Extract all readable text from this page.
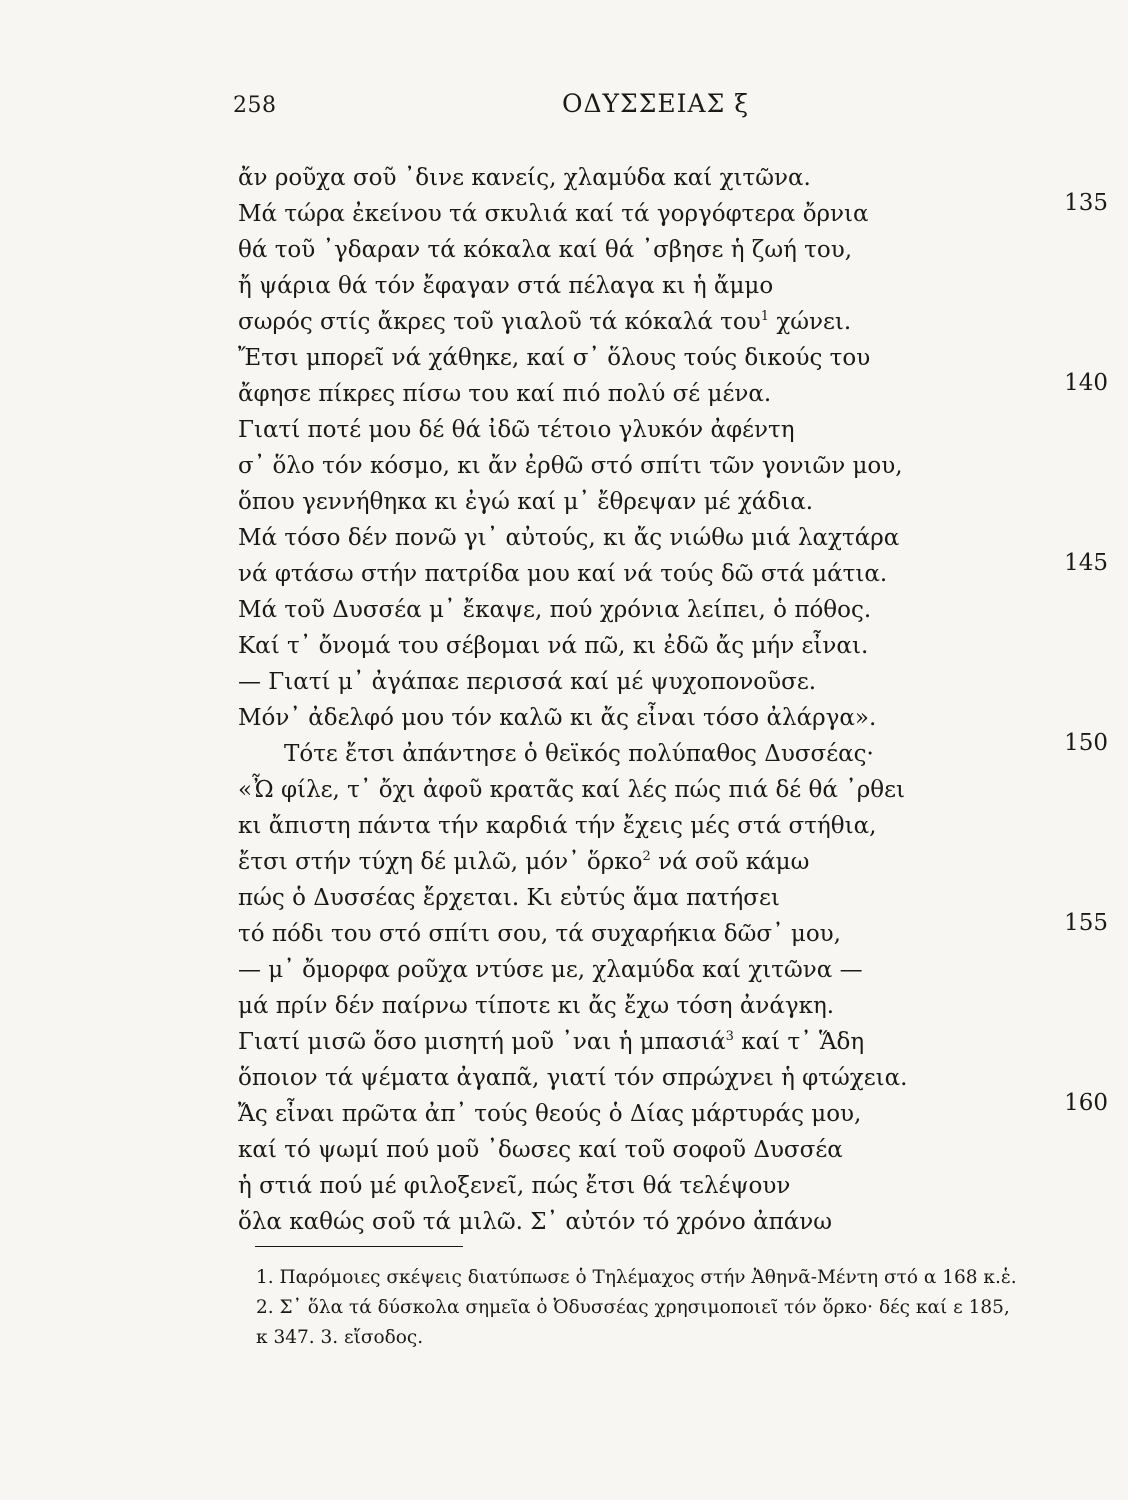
258	ΟΔΥΣΣΕΙΑΣ ξ
ἄν ροῦχα σοῦ ᾽δινε κανείς, χλαμύδα καί χιτῶνα.
Μά τώρα ἐκείνου τά σκυλιά καί τά γοργόφτερα ὄρνια	135
θά τοῦ ᾽γδαραν τά κόκαλα καί θά ᾽σβησε ἡ ζωή του,
ἤ ψάρια θά τόν ἔφαγαν στά πέλαγα κι ἡ ἄμμο
σωρός στίς ἄκρες τοῦ γιαλοῦ τά κόκαλά του$^1$ χώνει.
Ἔτσι μπορεῖ νά χάθηκε, καί σ᾽ ὅλους τούς δικούς του
ἄφησε πίκρες πίσω του καί πιό πολύ σέ μένα.	140
Γιατί ποτέ μου δέ θά ἰδῶ τέτοιο γλυκόν ἀφέντη
σ᾽ ὅλο τόν κόσμο, κι ἄν ἐρθῶ στό σπίτι τῶν γονιῶν μου,
ὅπου γεννήθηκα κι ἐγώ καί μ᾽ ἔθρεψαν μέ χάδια.
Μά τόσο δέν πονῶ γι᾽ αὐτούς, κι ἄς νιώθω μιά λαχτάρα
νά φτάσω στήν πατρίδα μου καί νά τούς δῶ στά μάτια.	145
Μά τοῦ Δυσσέα μ᾽ ἔκαψε, πού χρόνια λείπει, ὁ πόθος.
Καί τ᾽ ὄνομά του σέβομαι νά πῶ, κι ἐδῶ ἄς μήν εἶναι.
— Γιατί μ᾽ ἀγάπαε περισσά καί μέ ψυχοπονοῦσε.
Μόν᾽ ἀδελφό μου τόν καλῶ κι ἄς εἶναι τόσο ἀλάργα».
Τότε ἔτσι ἀπάντησε ὁ θεϊκός πολύπαθος Δυσσέας·	150
«Ὦ φίλε, τ᾽ ὄχι ἀφοῦ κρατᾶς καί λές πώς πιά δέ θά ᾽ρθει
κι ἄπιστη πάντα τήν καρδιά τήν ἔχεις μές στά στήθια,
ἔτσι στήν τύχη δέ μιλῶ, μόν᾽ ὅρκο$^2$ νά σοῦ κάμω
πώς ὁ Δυσσέας ἔρχεται. Κι εὐτύς ἅμα πατήσει
τό πόδι του στό σπίτι σου, τά συχαρήκια δῶσ᾽ μου,	155
— μ᾽ ὄμορφα ροῦχα ντύσε με, χλαμύδα καί χιτῶνα —
μά πρίν δέν παίρνω τίποτε κι ἄς ἔχω τόση ἀνάγκη.
Γιατί μισῶ ὅσο μισητή μοῦ ᾽ναι ἡ μπασιά$^3$ καί τ᾽ Ἅδη
ὅποιον τά ψέματα ἀγαπᾶ, γιατί τόν σπρώχνει ἡ φτώχεια.
Ἄς εἶναι πρῶτα ἀπ᾽ τούς θεούς ὁ Δίας μάρτυράς μου,	160
καί τό ψωμί πού μοῦ ᾽δωσες καί τοῦ σοφοῦ Δυσσέα
ἡ στιά πού μέ φιλοξενεῖ, πώς ἔτσι θά τελέψουν
ὅλα καθώς σοῦ τά μιλῶ. Σ᾽ αὐτόν τό χρόνο ἀπάνω
1. Παρόμοιες σκέψεις διατύπωσε ὁ Τηλέμαχος στήν Ἀθηνᾶ-Μέντη στό α 168 κ.ἑ.
2. Σ᾽ ὅλα τά δύσκολα σημεῖα ὁ Ὀδυσσέας χρησιμοποιεῖ τόν ὅρκο· δές καί ε 185,
κ 347. 3. εἴσοδος.
